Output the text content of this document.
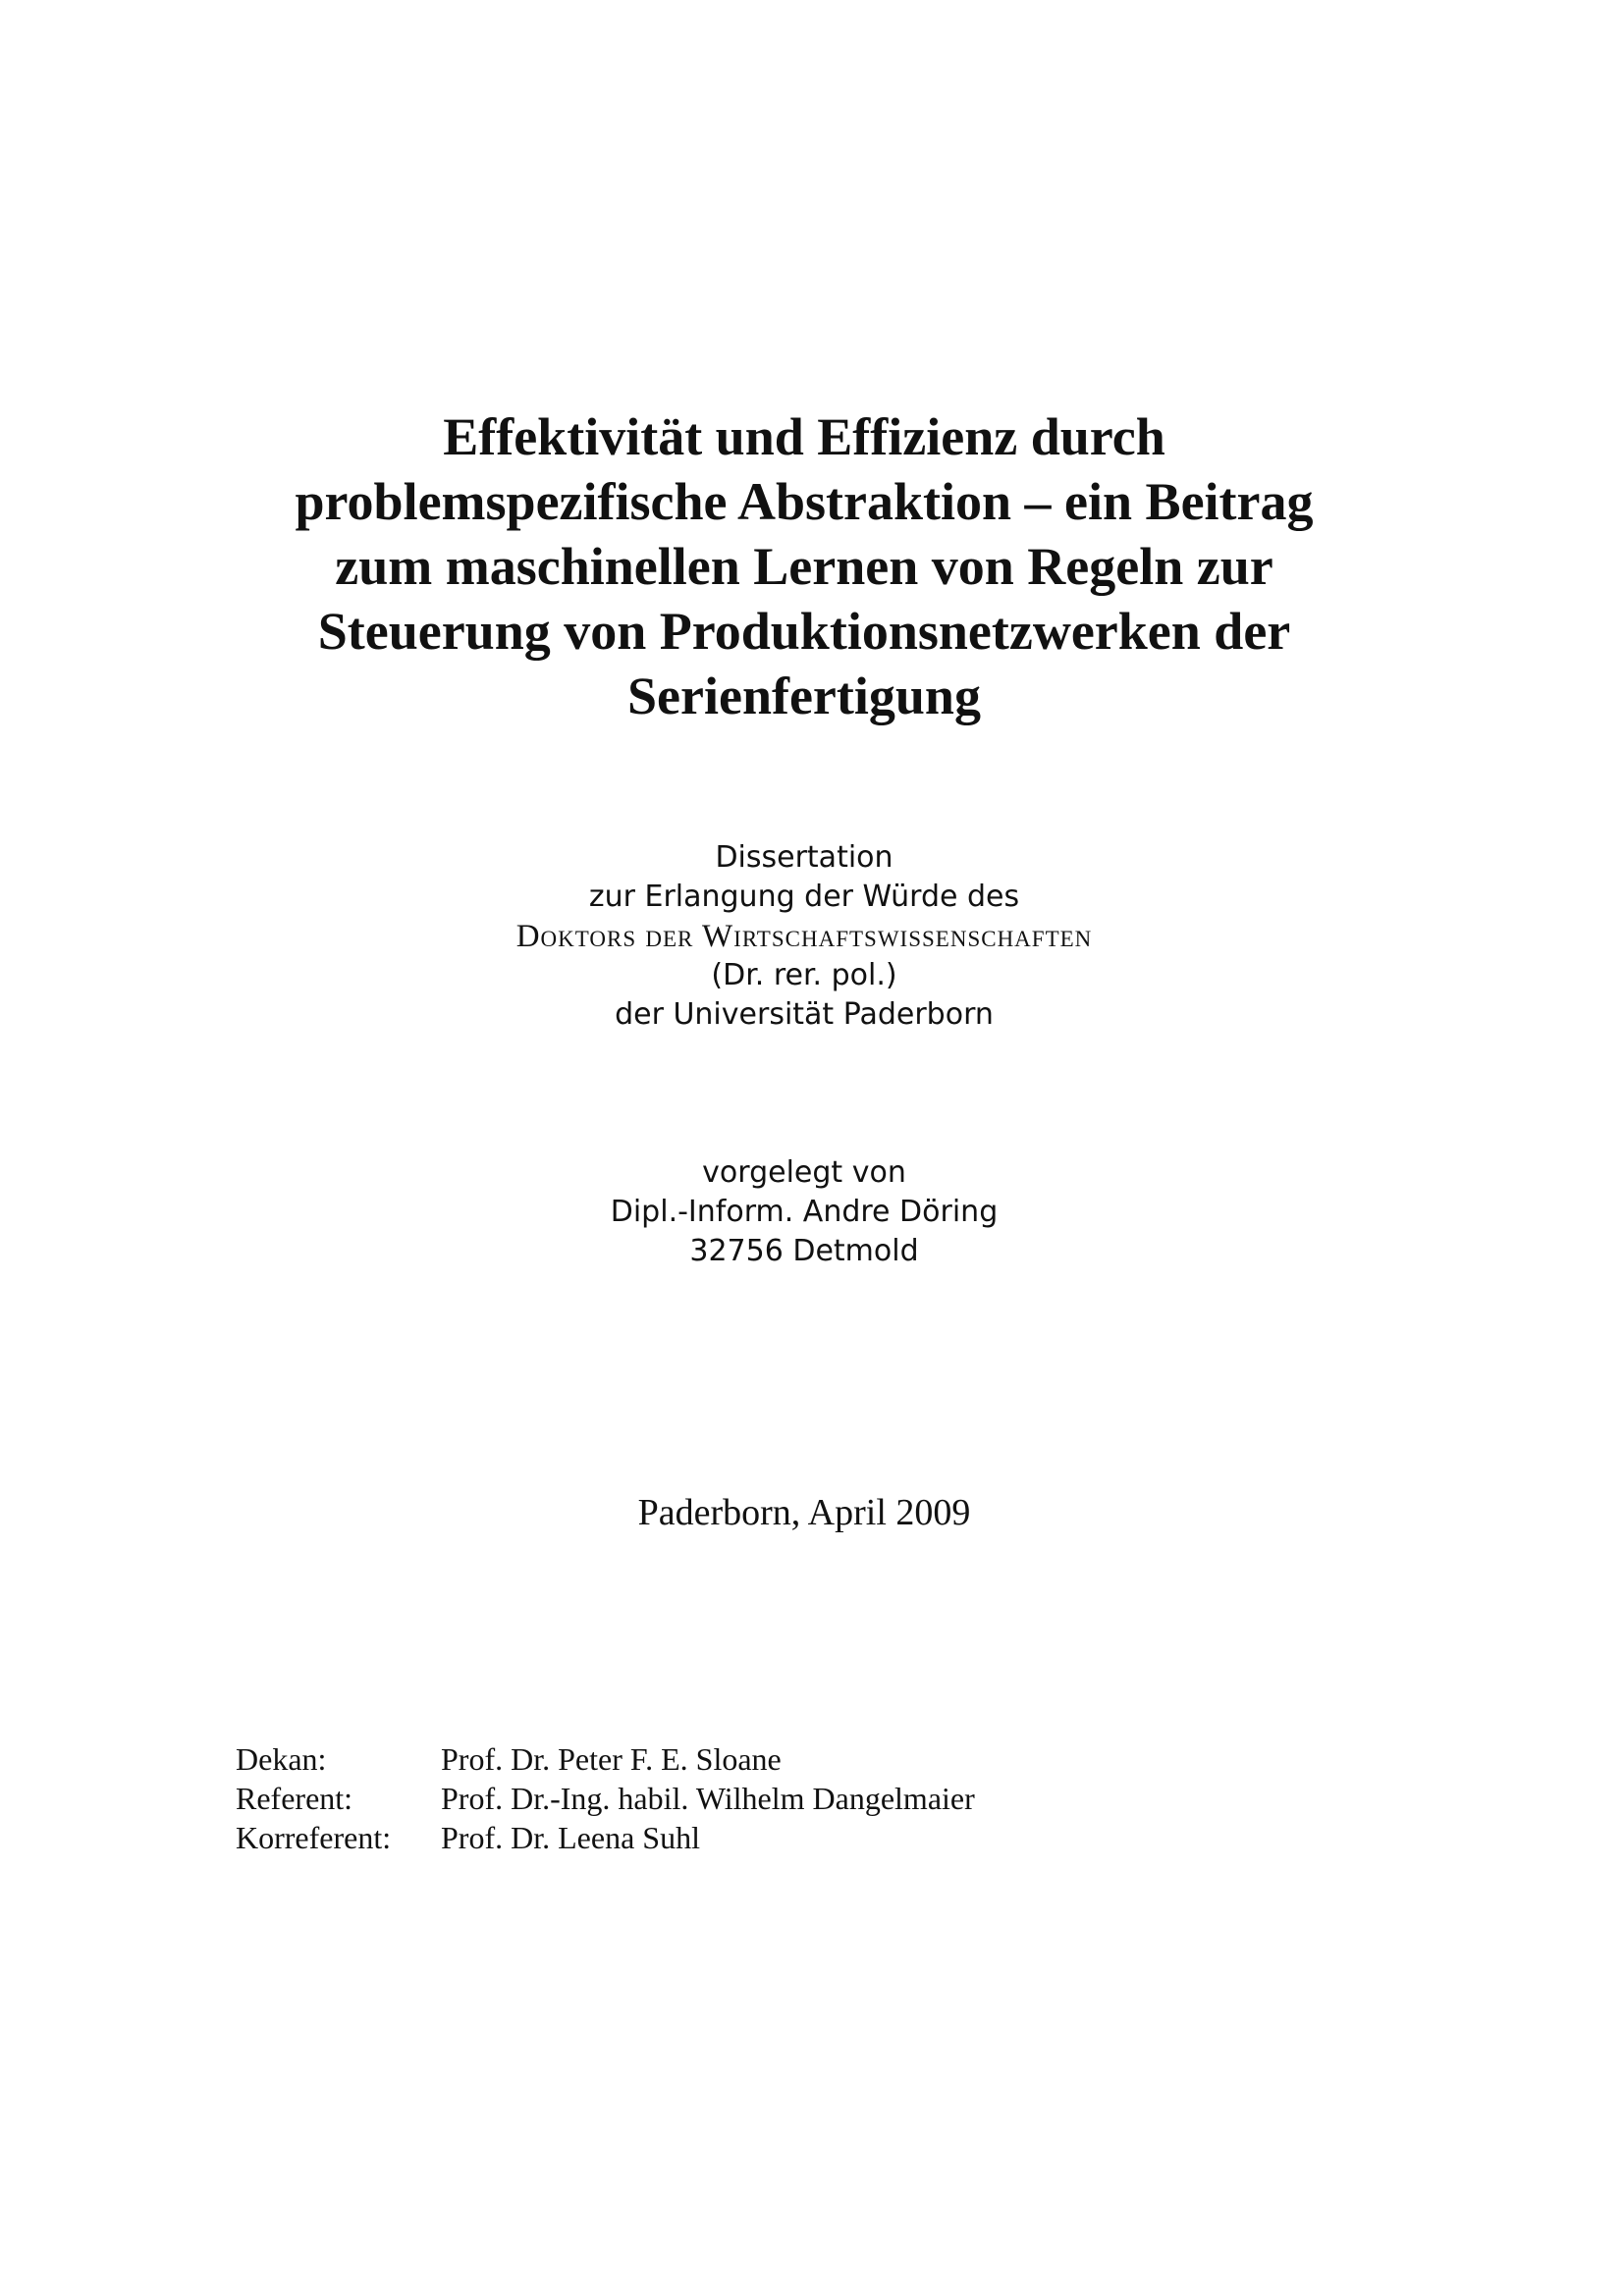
Effektivität und Effizienz durch
problemspezifische Abstraktion – ein Beitrag
zum maschinellen Lernen von Regeln zur
Steuerung von Produktionsnetzwerken der
Serienfertigung
Dissertation
zur Erlangung der Würde des
Doktors der Wirtschaftswissenschaften
(Dr. rer. pol.)
der Universität Paderborn
vorgelegt von
Dipl.-Inform. Andre Döring
32756 Detmold
Paderborn, April 2009
Dekan:	Prof. Dr. Peter F. E. Sloane
Referent:	Prof. Dr.-Ing. habil. Wilhelm Dangelmaier
Korreferent:	Prof. Dr. Leena Suhl
